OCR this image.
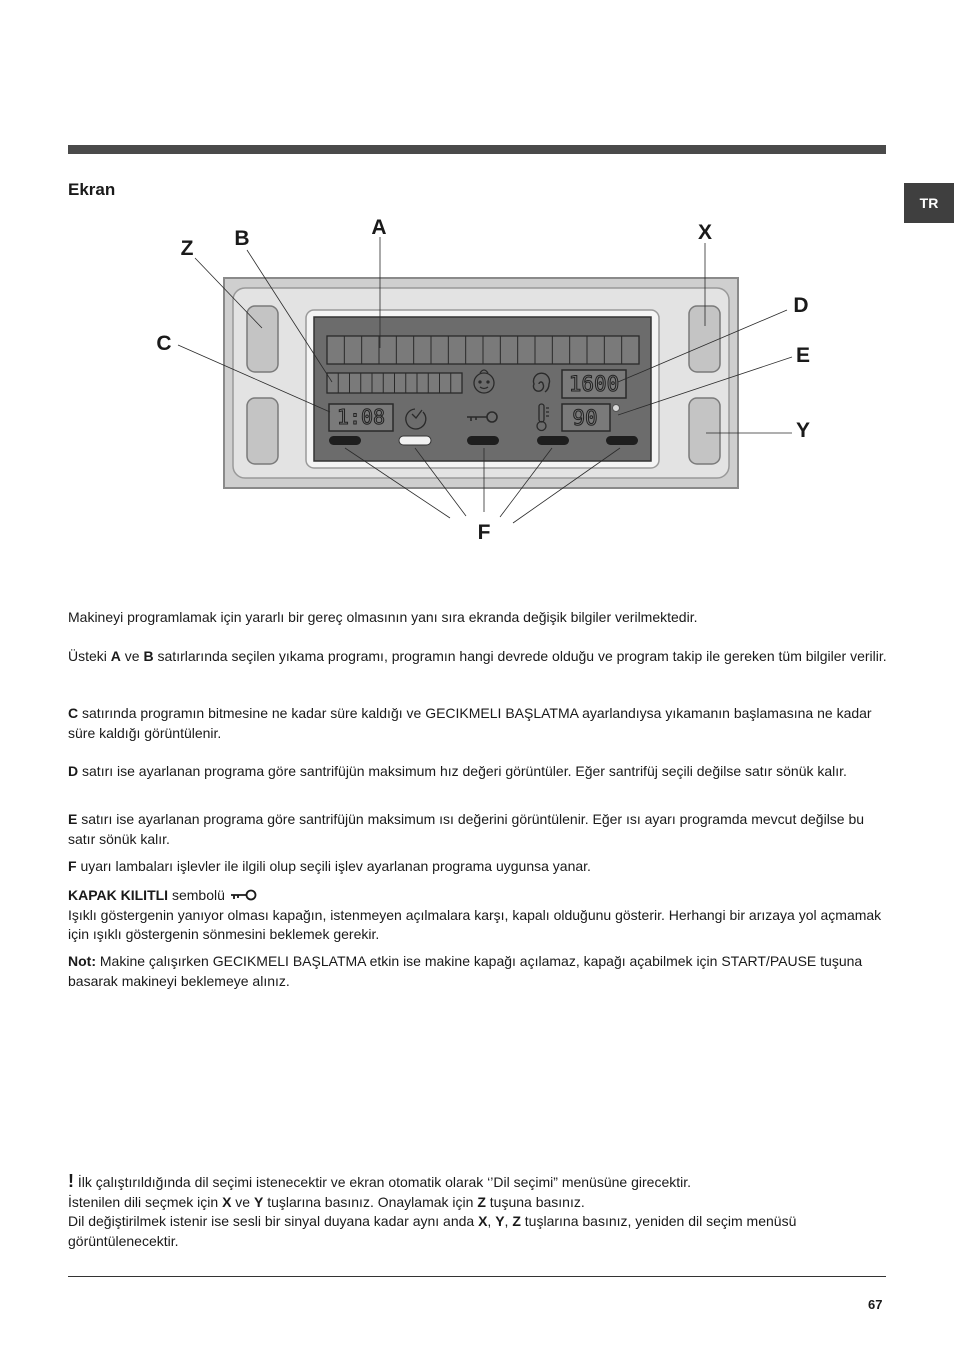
Ekran
TR
1:08
1600
90
A
B
Z
C
X
D
E
Y
F

Makineyi programlamak için yararlı bir gereç olmasının yanı sıra ekranda değişik bilgiler verilmektedir.

Üsteki A ve B satırlarında seçilen yıkama programı, programın hangi devrede olduğu ve program takip ile gereken tüm bilgiler verilir.

C satırında programın bitmesine ne kadar süre kaldığı ve GECIKMELI BAŞLATMA ayarlandıysa yıkamanın başlamasına ne kadar süre kaldığı görüntülenir.

D satırı ise ayarlanan programa göre santrifüjün maksimum hız değeri görüntüler. Eğer santrifüj seçili değilse satır sönük kalır.

E satırı ise ayarlanan programa göre santrifüjün maksimum ısı değerini görüntülenir. Eğer ısı ayarı programda mevcut değilse bu satır sönük kalır.

F uyarı lambaları işlevler ile ilgili olup seçili işlev ayarlanan programa uygunsa yanar.

KAPAK KILITLI sembolü

Işıklı göstergenin yanıyor olması kapağın, istenmeyen açılmalara karşı, kapalı olduğunu gösterir. Herhangi bir arızaya yol açmamak için ışıklı göstergenin sönmesini beklemek gerekir.

Not: Makine çalışırken GECIKMELI BAŞLATMA etkin ise makine kapağı açılamaz, kapağı açabilmek için START/PAUSE tuşuna basarak makineyi beklemeye alınız.

! İlk çalıştırıldığında dil seçimi istenecektir ve ekran otomatik olarak ‘’Dil seçimi” menüsüne girecektir.

İstenilen dili seçmek için X ve Y tuşlarına basınız. Onaylamak için Z tuşuna basınız.

Dil değiştirilmek istenir ise sesli bir sinyal duyana kadar aynı anda X, Y, Z tuşlarına basınız, yeniden dil seçim menüsü görüntülenecektir.

67
